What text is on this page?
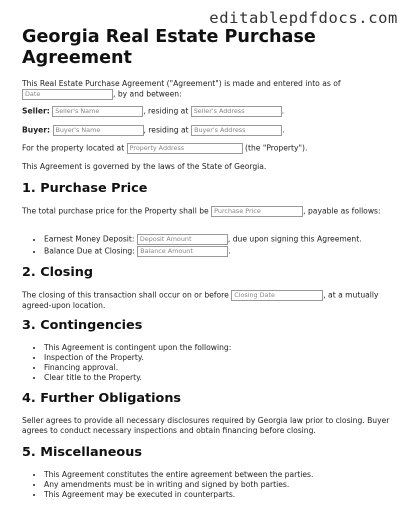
editablepdfdocs.com
Georgia Real Estate Purchase Agreement

This Real Estate Purchase Agreement ("Agreement") is made and entered into as of
Date	, by and between:

Seller: Seller's Name	, residing at Seller's Address	.

Buyer: Buyer's Name	, residing at Buyer's Address	.

For the property located at Property Address	(the "Property").

This Agreement is governed by the laws of the State of Georgia.

1. Purchase Price

The total purchase price for the Property shall be Purchase Price	, payable as follows:

• Earnest Money Deposit: Deposit Amount	, due upon signing this Agreement.
• Balance Due at Closing: Balance Amount	.
2. Closing

The closing of this transaction shall occur on or before Closing Date	, at a mutually agreed-upon location.

3. Contingencies
• This Agreement is contingent upon the following:
• Inspection of the Property.
• Financing approval.
• Clear title to the Property.
4. Further Obligations

Seller agrees to provide all necessary disclosures required by Georgia law prior to closing. Buyer agrees to conduct necessary inspections and obtain financing before closing.

5. Miscellaneous
• This Agreement constitutes the entire agreement between the parties.
• Any amendments must be in writing and signed by both parties.
• This Agreement may be executed in counterparts.
